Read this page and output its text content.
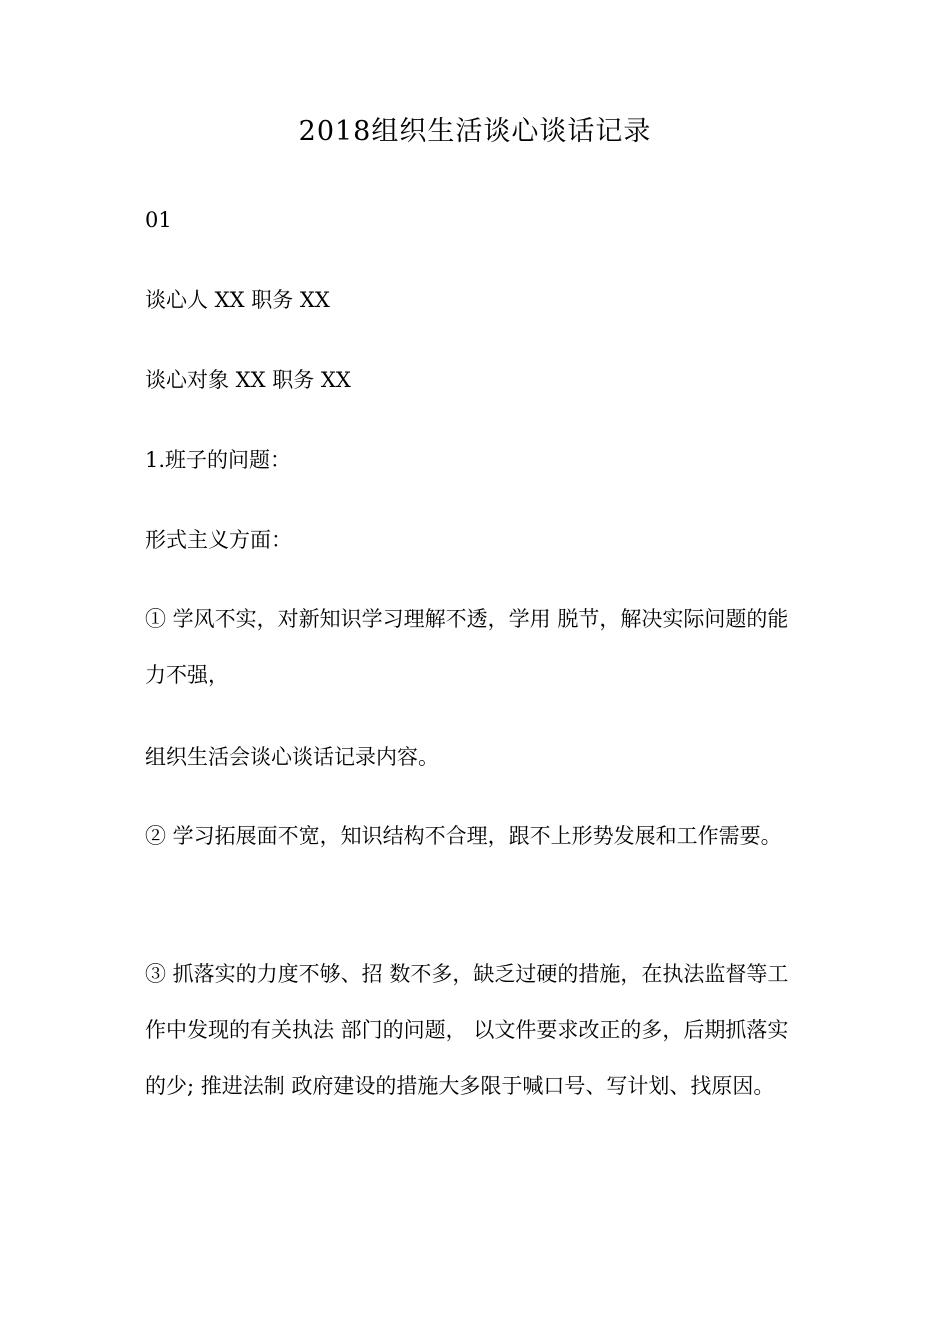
2018组织生活谈心谈话记录
01
谈心人 XX 职务 XX
谈心对象 XX 职务 XX
1.班子的问题：
形式主义方面：
① 学风不实，对新知识学习理解不透，学用 脱节，解决实际问题的能力不强，
组织生活会谈心谈话记录内容。
② 学习拓展面不宽，知识结构不合理，跟不上形势发展和工作需要。
③ 抓落实的力度不够、招 数不多，缺乏过硬的措施，在执法监督等工作中发现的有关执法 部门的问题， 以文件要求改正的多，后期抓落实的少; 推进法制 政府建设的措施大多限于喊口号、写计划、找原因。
